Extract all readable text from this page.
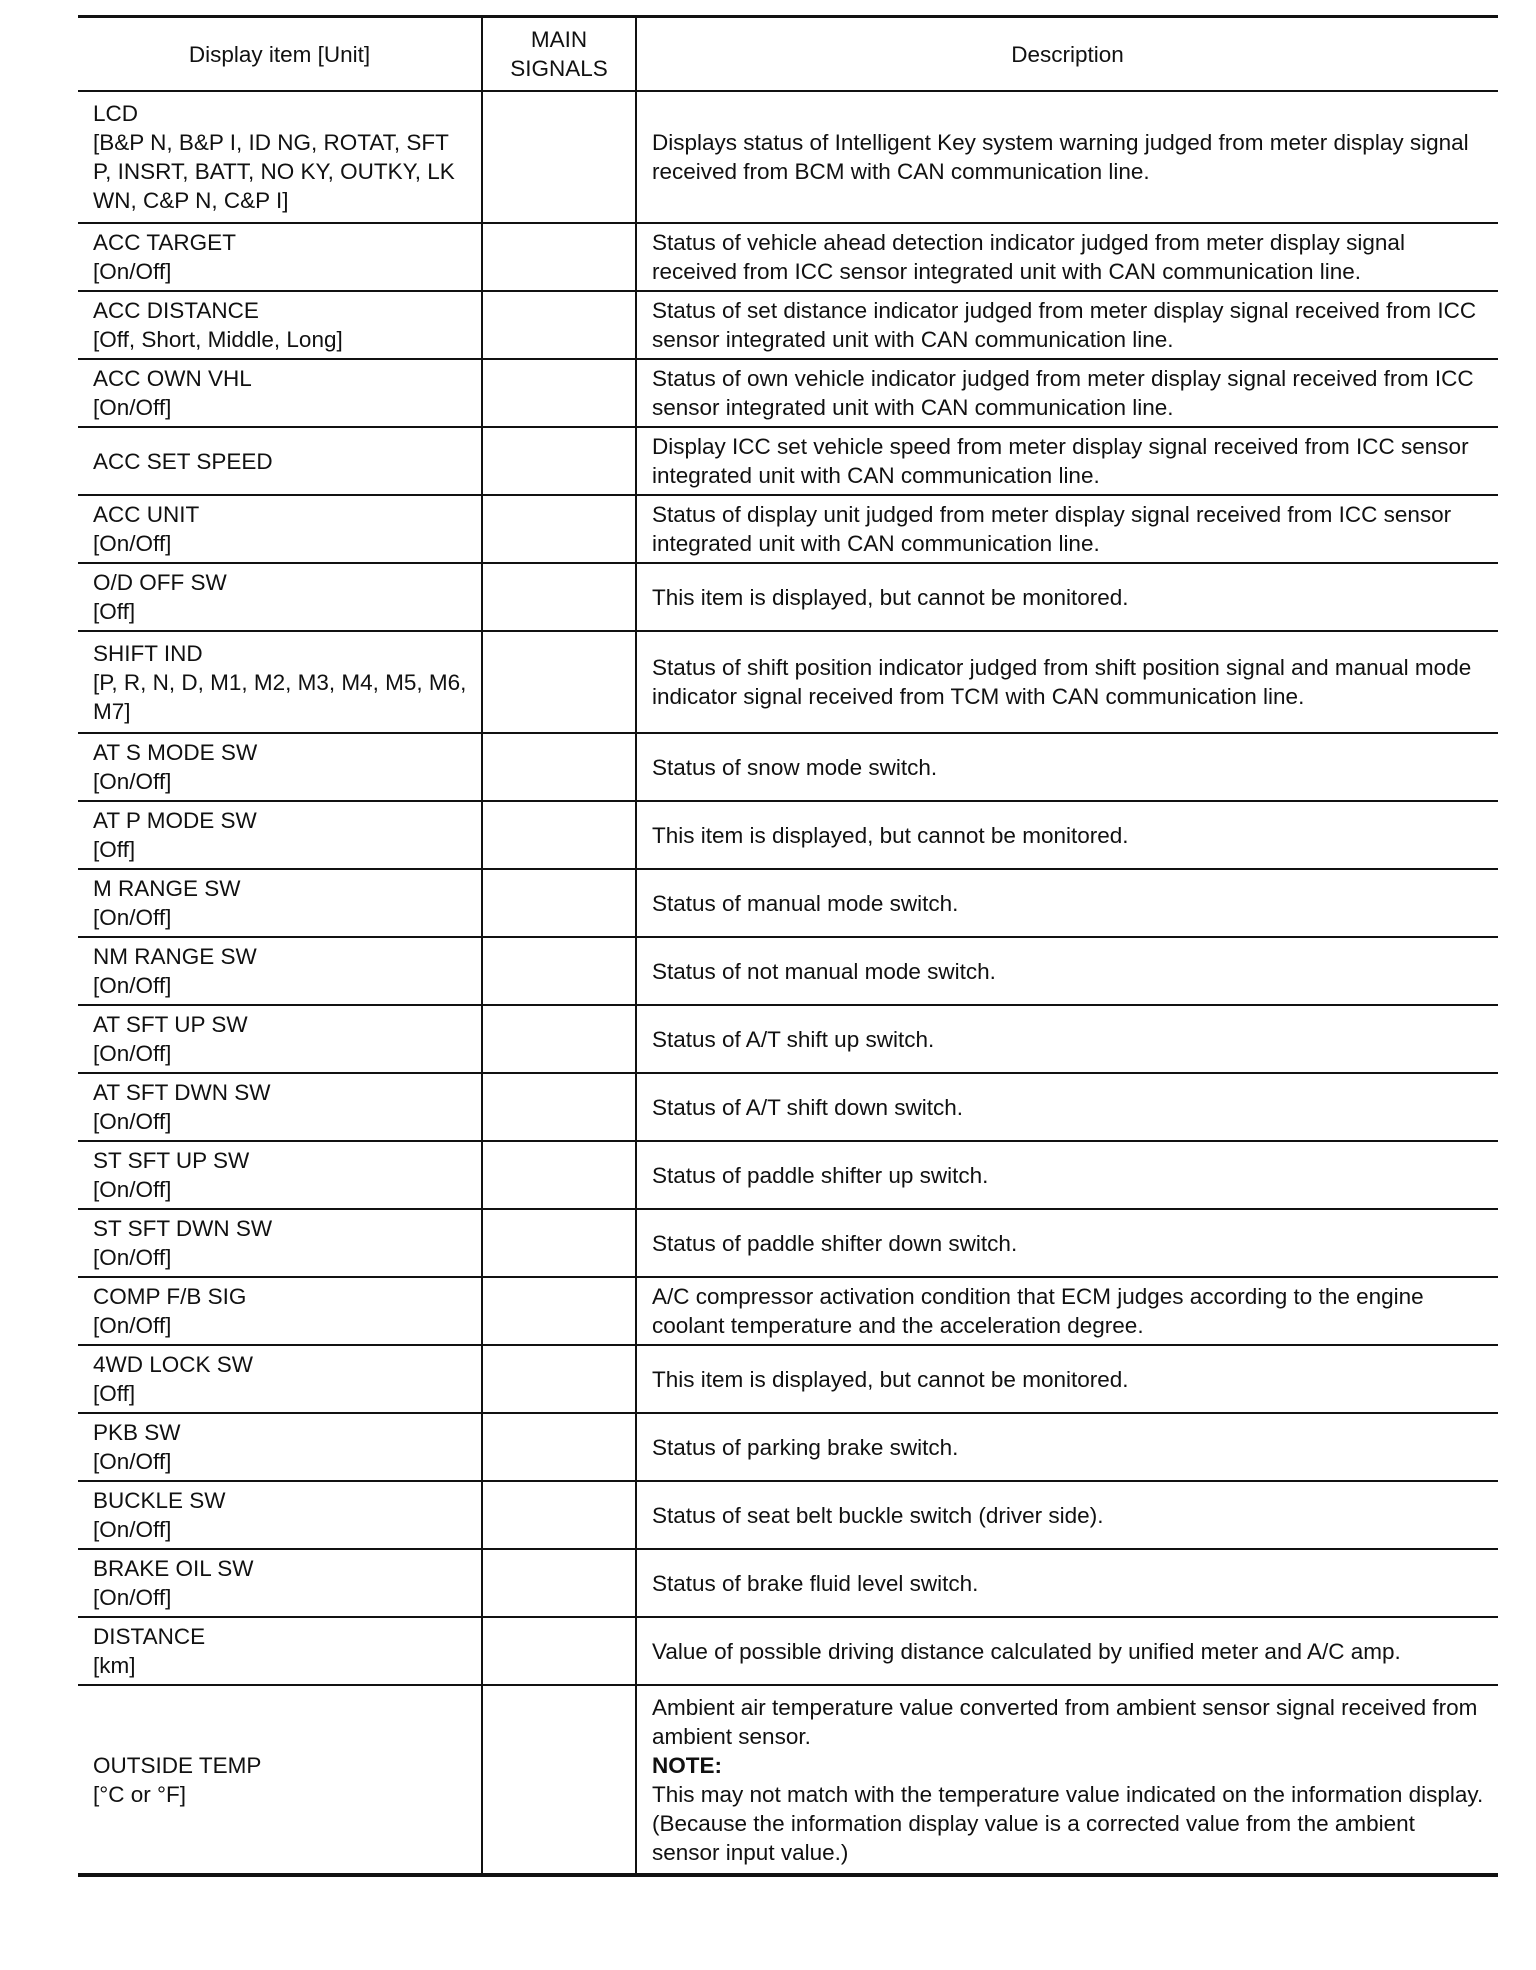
Display item [Unit]	MAIN
SIGNALS	Description

LCD
[B&P N, B&P I, ID NG, ROTAT, SFT P, INSRT, BATT, NO KY, OUTKY, LK WN, C&P N, C&P I]		Displays status of Intelligent Key system warning judged from meter display signal received from BCM with CAN communication line.

ACC TARGET
[On/Off]		Status of vehicle ahead detection indicator judged from meter display signal received from ICC sensor integrated unit with CAN communication line.

ACC DISTANCE
[Off, Short, Middle, Long]		Status of set distance indicator judged from meter display signal received from ICC sensor integrated unit with CAN communication line.

ACC OWN VHL
[On/Off]		Status of own vehicle indicator judged from meter display signal received from ICC sensor integrated unit with CAN communication line.

ACC SET SPEED		Display ICC set vehicle speed from meter display signal received from ICC sensor integrated unit with CAN communication line.

ACC UNIT
[On/Off]		Status of display unit judged from meter display signal received from ICC sensor integrated unit with CAN communication line.

O/D OFF SW
[Off]		This item is displayed, but cannot be monitored.

SHIFT IND
[P, R, N, D, M1, M2, M3, M4, M5, M6, M7]		Status of shift position indicator judged from shift position signal and manual mode indicator signal received from TCM with CAN communication line.

AT S MODE SW
[On/Off]		Status of snow mode switch.

AT P MODE SW
[Off]		This item is displayed, but cannot be monitored.

M RANGE SW
[On/Off]		Status of manual mode switch.

NM RANGE SW
[On/Off]		Status of not manual mode switch.

AT SFT UP SW
[On/Off]		Status of A/T shift up switch.

AT SFT DWN SW
[On/Off]		Status of A/T shift down switch.

ST SFT UP SW
[On/Off]		Status of paddle shifter up switch.

ST SFT DWN SW
[On/Off]		Status of paddle shifter down switch.

COMP F/B SIG
[On/Off]		A/C compressor activation condition that ECM judges according to the engine coolant temperature and the acceleration degree.

4WD LOCK SW
[Off]		This item is displayed, but cannot be monitored.

PKB SW
[On/Off]		Status of parking brake switch.

BUCKLE SW
[On/Off]		Status of seat belt buckle switch (driver side).

BRAKE OIL SW
[On/Off]		Status of brake fluid level switch.

DISTANCE
[km]		Value of possible driving distance calculated by unified meter and A/C amp.

OUTSIDE TEMP
[°C or °F]		Ambient air temperature value converted from ambient sensor signal received from ambient sensor.
NOTE:
This may not match with the temperature value indicated on the information display. (Because the information display value is a corrected value from the ambient sensor input value.)
